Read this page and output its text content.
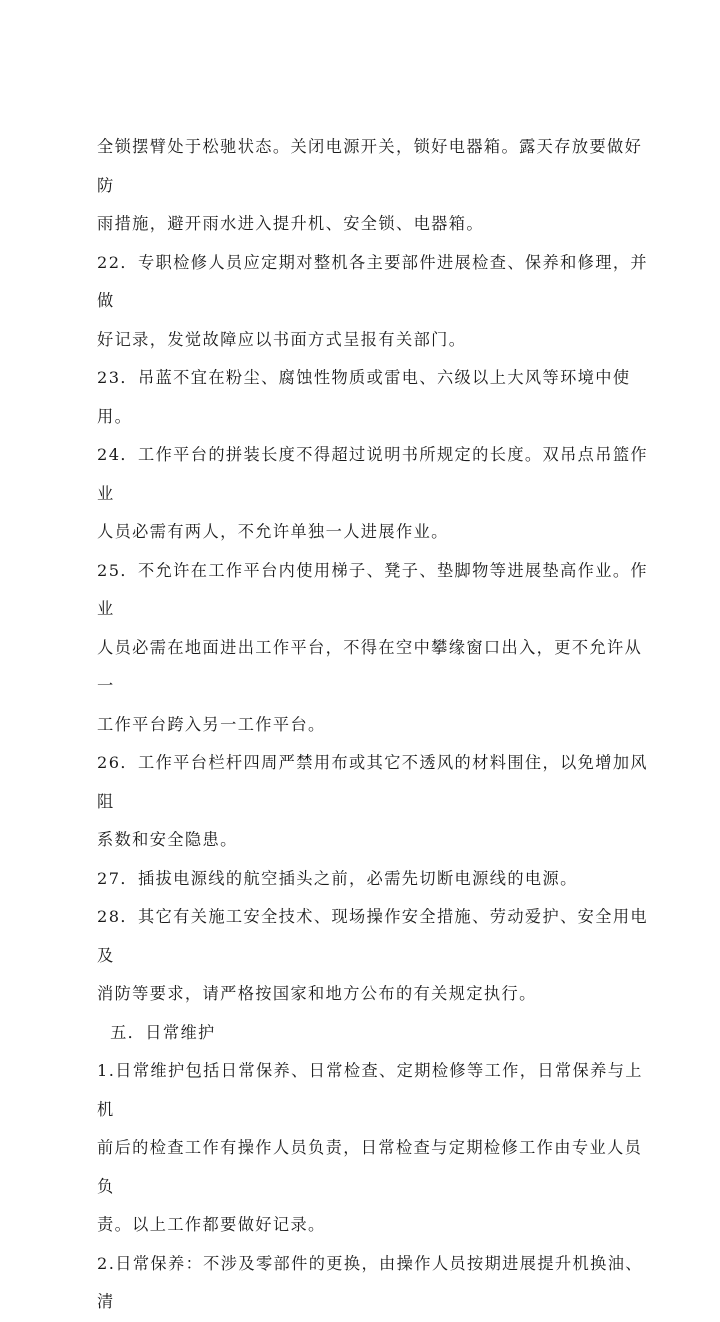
全锁摆臂处于松驰状态。关闭电源开关，锁好电器箱。露天存放要做好防
雨措施，避开雨水进入提升机、安全锁、电器箱。

22．专职检修人员应定期对整机各主要部件进展检查、保养和修理，并做
好记录，发觉故障应以书面方式呈报有关部门。

23．吊蓝不宜在粉尘、腐蚀性物质或雷电、六级以上大风等环境中使用。

24．工作平台的拼装长度不得超过说明书所规定的长度。双吊点吊篮作业
人员必需有两人，不允许单独一人进展作业。

25．不允许在工作平台内使用梯子、凳子、垫脚物等进展垫高作业。作业
人员必需在地面进出工作平台，不得在空中攀缘窗口出入，更不允许从一
工作平台跨入另一工作平台。

26．工作平台栏杆四周严禁用布或其它不透风的材料围住，以免增加风阻
系数和安全隐患。

27．插拔电源线的航空插头之前，必需先切断电源线的电源。

28．其它有关施工安全技术、现场操作安全措施、劳动爱护、安全用电及
消防等要求，请严格按国家和地方公布的有关规定执行。

五．日常维护

1.日常维护包括日常保养、日常检查、定期检修等工作，日常保养与上机
前后的检查工作有操作人员负责，日常检查与定期检修工作由专业人员负
责。以上工作都要做好记录。

2.日常保养：不涉及零部件的更换，由操作人员按期进展提升机换油、清
